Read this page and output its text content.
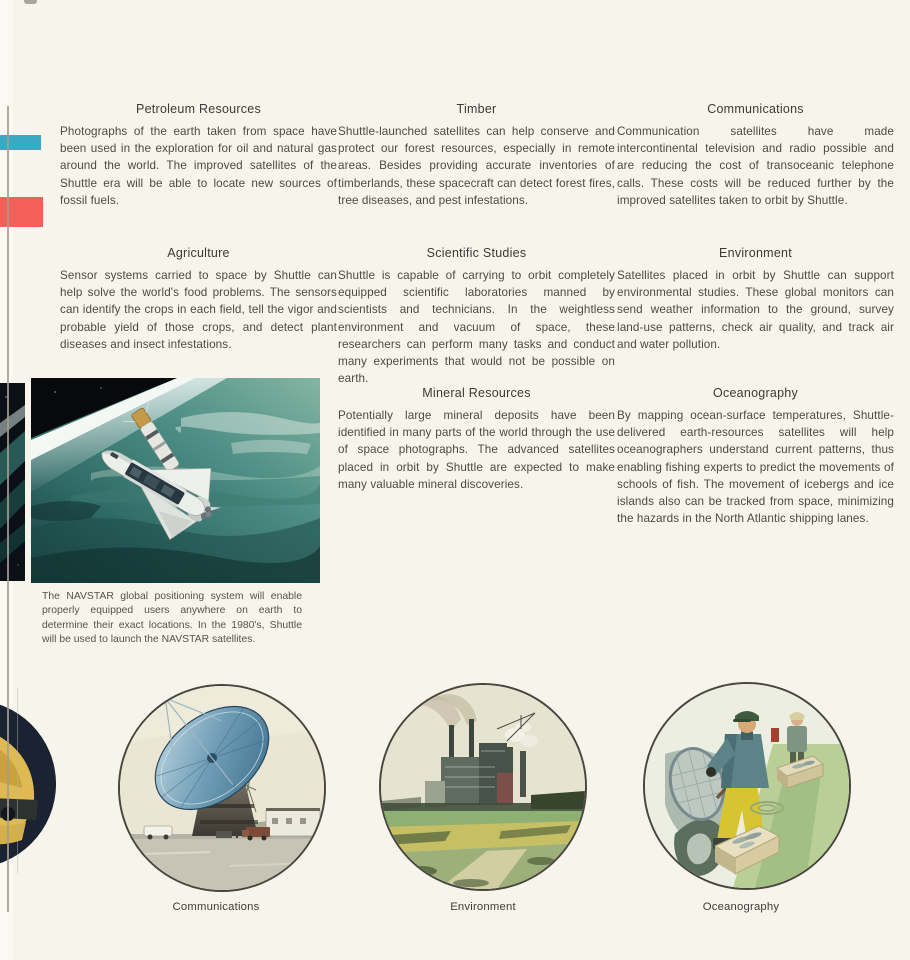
Petroleum Resources

Photographs of the earth taken from space have been used in the exploration for oil and natural gas around the world. The improved satellites of the Shuttle era will be able to locate new sources of fossil fuels.

Timber

Shuttle-launched satellites can help conserve and protect our forest resources, especially in remote areas. Besides providing accurate inventories of timberlands, these spacecraft can detect forest fires, tree diseases, and pest infestations.

Communications

Communication satellites have made intercontinental television and radio possible and are reducing the cost of transoceanic telephone calls. These costs will be reduced further by the improved satellites taken to orbit by Shuttle.

Agriculture

Sensor systems carried to space by Shuttle can help solve the world's food problems. The sensors can identify the crops in each field, tell the vigor and probable yield of those crops, and detect plant diseases and insect infestations.

Scientific Studies

Shuttle is capable of carrying to orbit completely equipped scientific laboratories manned by scientists and technicians. In the weightless environment and vacuum of space, these researchers can perform many tasks and conduct many experiments that would not be possible on earth.

Environment

Satellites placed in orbit by Shuttle can support environmental studies. These global monitors can send weather information to the ground, survey land-use patterns, check air quality, and track air and water pollution.

Mineral Resources

Potentially large mineral deposits have been identified in many parts of the world through the use of space photographs. The advanced satellites placed in orbit by Shuttle are expected to make many valuable mineral discoveries.

Oceanography

By mapping ocean-surface temperatures, Shuttle-delivered earth-resources satellites will help oceanographers understand current patterns, thus enabling fishing experts to predict the movements of schools of fish. The movement of icebergs and ice islands also can be tracked from space, minimizing the hazards in the North Atlantic shipping lanes.

The NAVSTAR global positioning system will enable properly equipped users anywhere on earth to determine their exact locations. In the 1980's, Shuttle will be used to launch the NAVSTAR satellites.
Communications	Environment	Oceanography
